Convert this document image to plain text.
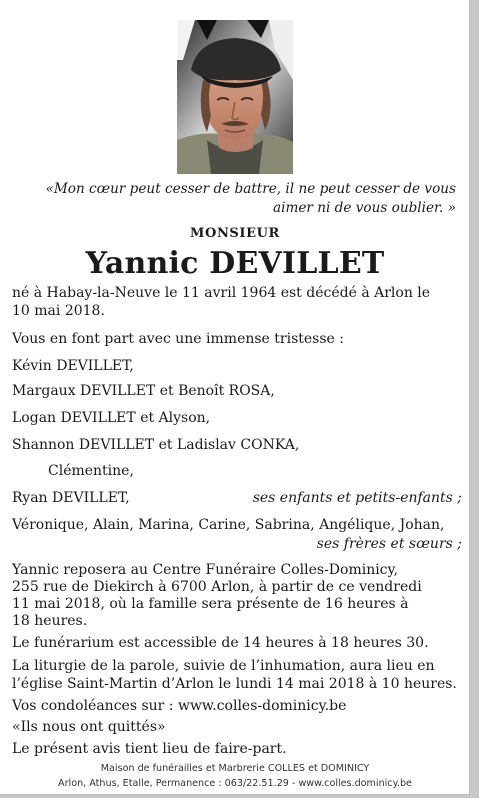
«Mon cœur peut cesser de battre, il ne peut cesser de vous
aimer ni de vous oublier. »
MONSIEUR
Yannic DEVILLET
né à Habay-la-Neuve le 11 avril 1964 est décédé à Arlon le
10 mai 2018.
Vous en font part avec une immense tristesse :
Kévin DEVILLET,
Margaux DEVILLET et Benoît ROSA,
Logan DEVILLET et Alyson,
Shannon DEVILLET et Ladislav CONKA,
Clémentine,
Ryan DEVILLET,	ses enfants et petits-enfants ;
Véronique, Alain, Marina, Carine, Sabrina, Angélique, Johan,
ses frères et sœurs ;
Yannic reposera au Centre Funéraire Colles-Dominicy,
255 rue de Diekirch à 6700 Arlon, à partir de ce vendredi
11 mai 2018, où la famille sera présente de 16 heures à
18 heures.
Le funérarium est accessible de 14 heures à 18 heures 30.
La liturgie de la parole, suivie de l’inhumation, aura lieu en
l’église Saint-Martin d’Arlon le lundi 14 mai 2018 à 10 heures.
Vos condoléances sur : www.colles-dominicy.be
«Ils nous ont quittés»
Le présent avis tient lieu de faire-part.
Maison de funérailles et Marbrerie COLLES et DOMINICY
Arlon, Athus, Etalle, Permanence : 063/22.51.29 - www.colles.dominicy.be
